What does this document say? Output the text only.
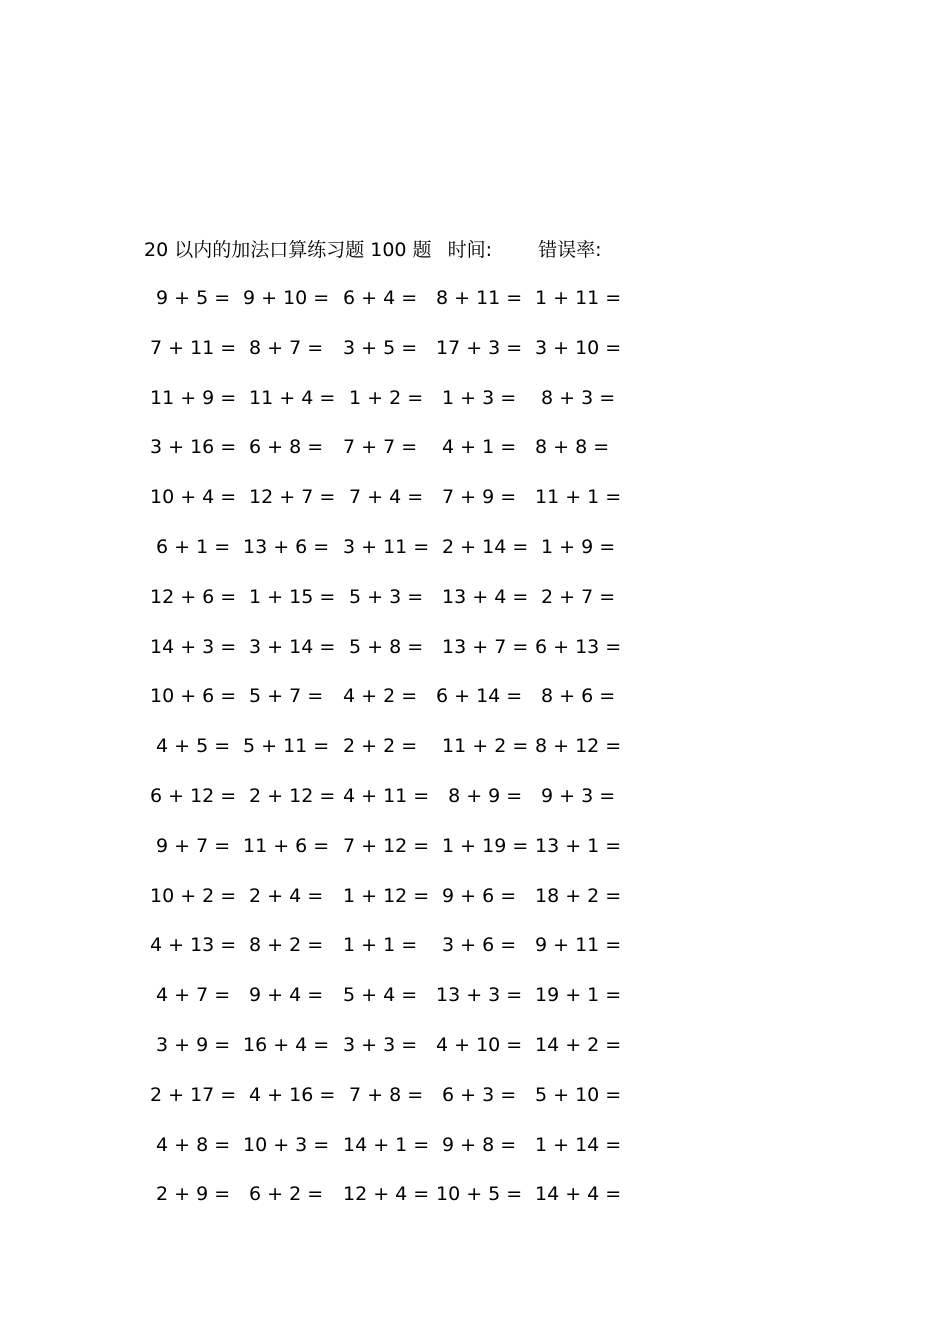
20 以内的加法口算练习题 100 题 时间: 错误率:
9 + 5 = 9 + 10 = 6 + 4 = 8 + 11 = 1 + 11 =
7 + 11 = 8 + 7 = 3 + 5 = 17 + 3 = 3 + 10 =
11 + 9 = 11 + 4 = 1 + 2 = 1 + 3 = 8 + 3 =
3 + 16 = 6 + 8 = 7 + 7 = 4 + 1 = 8 + 8 =
10 + 4 = 12 + 7 = 7 + 4 = 7 + 9 = 11 + 1 =
6 + 1 = 13 + 6 = 3 + 11 = 2 + 14 = 1 + 9 =
12 + 6 = 1 + 15 = 5 + 3 = 13 + 4 = 2 + 7 =
14 + 3 = 3 + 14 = 5 + 8 = 13 + 7 = 6 + 13 =
10 + 6 = 5 + 7 = 4 + 2 = 6 + 14 = 8 + 6 =
4 + 5 = 5 + 11 = 2 + 2 = 11 + 2 = 8 + 12 =
6 + 12 = 2 + 12 = 4 + 11 = 8 + 9 = 9 + 3 =
9 + 7 = 11 + 6 = 7 + 12 = 1 + 19 = 13 + 1 =
10 + 2 = 2 + 4 = 1 + 12 = 9 + 6 = 18 + 2 =
4 + 13 = 8 + 2 = 1 + 1 = 3 + 6 = 9 + 11 =
4 + 7 = 9 + 4 = 5 + 4 = 13 + 3 = 19 + 1 =
3 + 9 = 16 + 4 = 3 + 3 = 4 + 10 = 14 + 2 =
2 + 17 = 4 + 16 = 7 + 8 = 6 + 3 = 5 + 10 =
4 + 8 = 10 + 3 = 14 + 1 = 9 + 8 = 1 + 14 =
2 + 9 = 6 + 2 = 12 + 4 = 10 + 5 = 14 + 4 =
